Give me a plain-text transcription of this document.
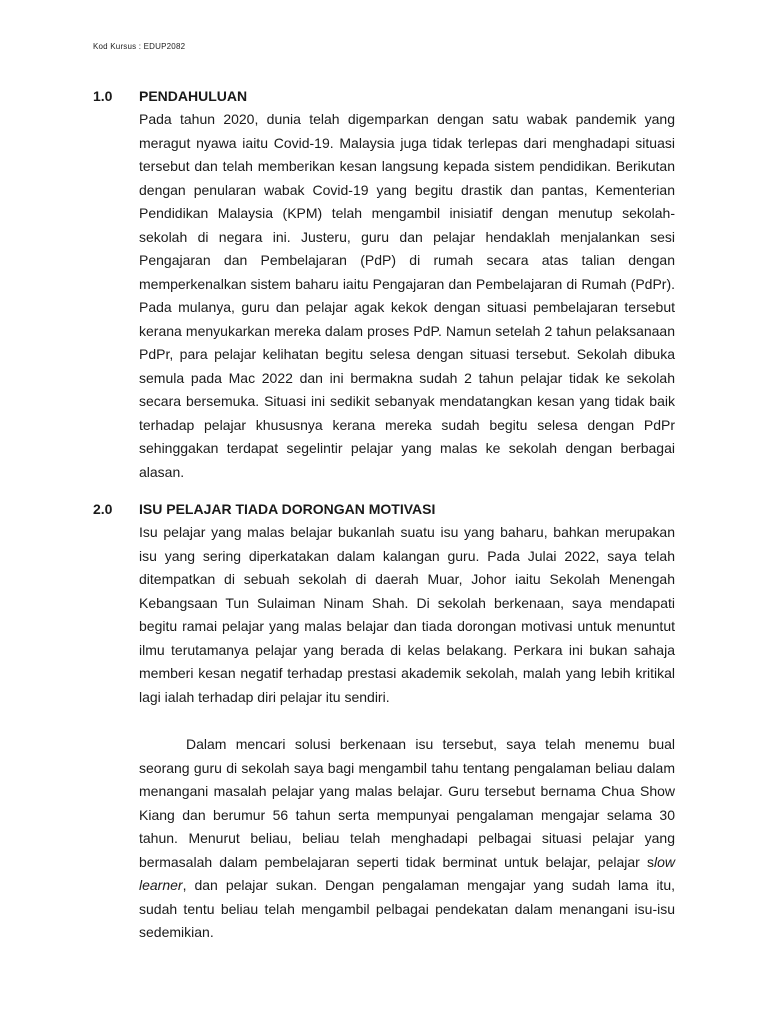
Kod Kursus : EDUP2082
1.0	PENDAHULUAN

Pada tahun 2020, dunia telah digemparkan dengan satu wabak pandemik yang meragut nyawa iaitu Covid-19. Malaysia juga tidak terlepas dari menghadapi situasi tersebut dan telah memberikan kesan langsung kepada sistem pendidikan. Berikutan dengan penularan wabak Covid-19 yang begitu drastik dan pantas, Kementerian Pendidikan Malaysia (KPM) telah mengambil inisiatif dengan menutup sekolah-sekolah di negara ini. Justeru, guru dan pelajar hendaklah menjalankan sesi Pengajaran dan Pembelajaran (PdP) di rumah secara atas talian dengan memperkenalkan sistem baharu iaitu Pengajaran dan Pembelajaran di Rumah (PdPr). Pada mulanya, guru dan pelajar agak kekok dengan situasi pembelajaran tersebut kerana menyukarkan mereka dalam proses PdP. Namun setelah 2 tahun pelaksanaan PdPr, para pelajar kelihatan begitu selesa dengan situasi tersebut. Sekolah dibuka semula pada Mac 2022 dan ini bermakna sudah 2 tahun pelajar tidak ke sekolah secara bersemuka. Situasi ini sedikit sebanyak mendatangkan kesan yang tidak baik terhadap pelajar khususnya kerana mereka sudah begitu selesa dengan PdPr sehinggakan terdapat segelintir pelajar yang malas ke sekolah dengan berbagai alasan.

2.0	ISU PELAJAR TIADA DORONGAN MOTIVASI

Isu pelajar yang malas belajar bukanlah suatu isu yang baharu, bahkan merupakan isu yang sering diperkatakan dalam kalangan guru. Pada Julai 2022, saya telah ditempatkan di sebuah sekolah di daerah Muar, Johor iaitu Sekolah Menengah Kebangsaan Tun Sulaiman Ninam Shah. Di sekolah berkenaan, saya mendapati begitu ramai pelajar yang malas belajar dan tiada dorongan motivasi untuk menuntut ilmu terutamanya pelajar yang berada di kelas belakang. Perkara ini bukan sahaja memberi kesan negatif terhadap prestasi akademik sekolah, malah yang lebih kritikal lagi ialah terhadap diri pelajar itu sendiri.

Dalam mencari solusi berkenaan isu tersebut, saya telah menemu bual seorang guru di sekolah saya bagi mengambil tahu tentang pengalaman beliau dalam menangani masalah pelajar yang malas belajar. Guru tersebut bernama Chua Show Kiang dan berumur 56 tahun serta mempunyai pengalaman mengajar selama 30 tahun. Menurut beliau, beliau telah menghadapi pelbagai situasi pelajar yang bermasalah dalam pembelajaran seperti tidak berminat untuk belajar, pelajar slow learner, dan pelajar sukan. Dengan pengalaman mengajar yang sudah lama itu, sudah tentu beliau telah mengambil pelbagai pendekatan dalam menangani isu-isu sedemikian.
